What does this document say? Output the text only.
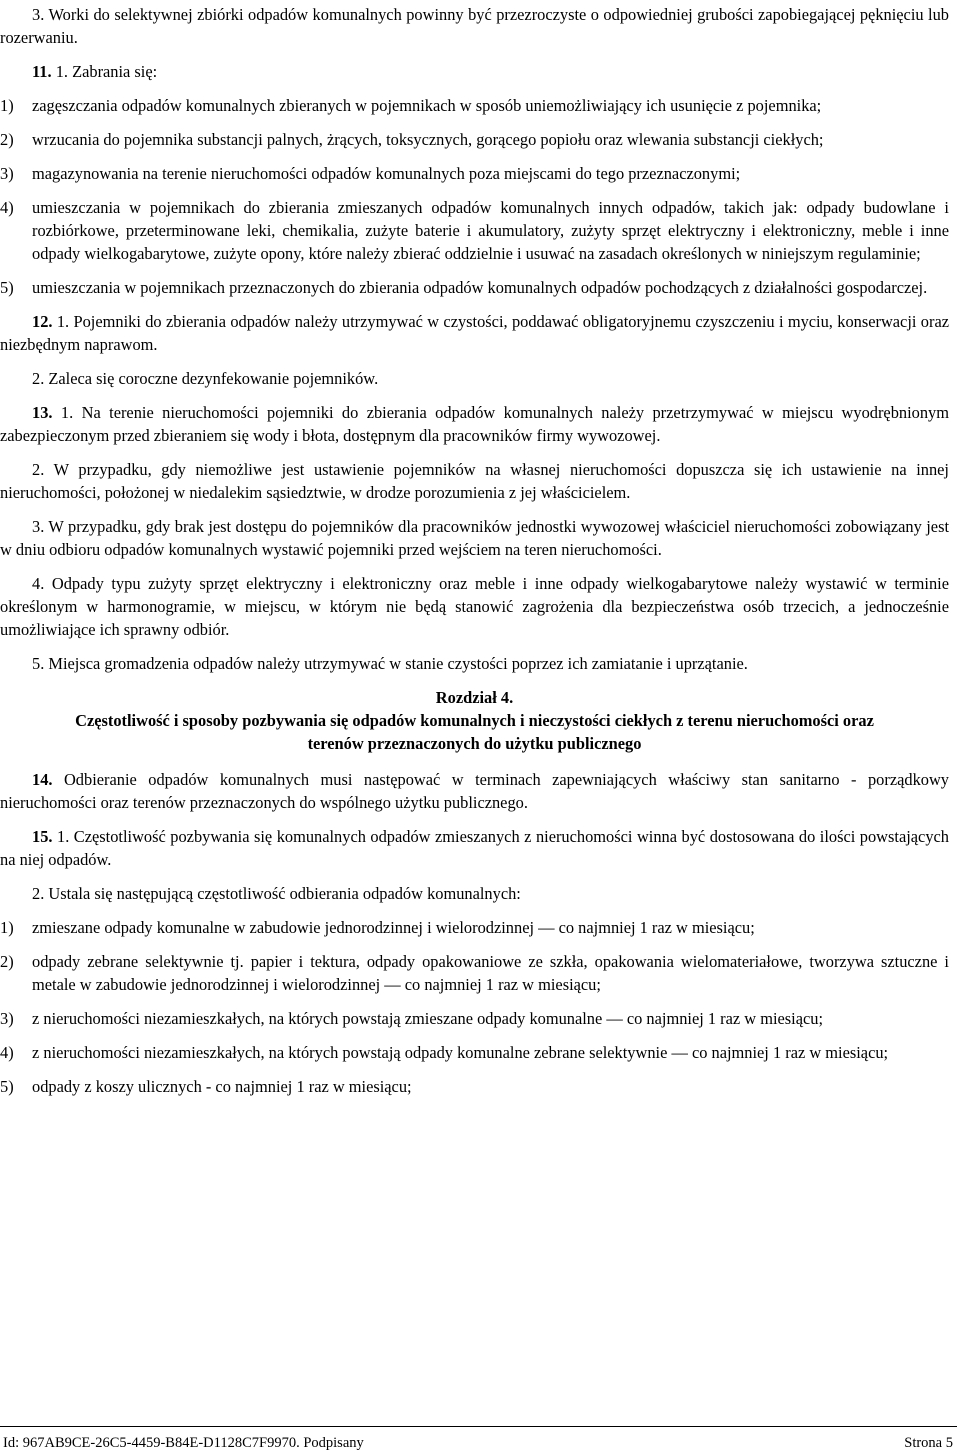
3. Worki do selektywnej zbiórki odpadów komunalnych powinny być przezroczyste o odpowiedniej grubości zapobiegającej pęknięciu lub rozerwaniu.

11. 1. Zabrania się:

1) zagęszczania odpadów komunalnych zbieranych w pojemnikach w sposób uniemożliwiający ich usunięcie z pojemnika;

2) wrzucania do pojemnika substancji palnych, żrących, toksycznych, gorącego popiołu oraz wlewania substancji ciekłych;

3) magazynowania na terenie nieruchomości odpadów komunalnych poza miejscami do tego przeznaczonymi;

4) umieszczania w pojemnikach do zbierania zmieszanych odpadów komunalnych innych odpadów, takich jak: odpady budowlane i rozbiórkowe, przeterminowane leki, chemikalia, zużyte baterie i akumulatory, zużyty sprzęt elektryczny i elektroniczny, meble i inne odpady wielkogabarytowe, zużyte opony, które należy zbierać oddzielnie i usuwać na zasadach określonych w niniejszym regulaminie;

5) umieszczania w pojemnikach przeznaczonych do zbierania odpadów komunalnych odpadów pochodzących z działalności gospodarczej.

12. 1. Pojemniki do zbierania odpadów należy utrzymywać w czystości, poddawać obligatoryjnemu czyszczeniu i myciu, konserwacji oraz niezbędnym naprawom.

2. Zaleca się coroczne dezynfekowanie pojemników.

13. 1. Na terenie nieruchomości pojemniki do zbierania odpadów komunalnych należy przetrzymywać w miejscu wyodrębnionym zabezpieczonym przed zbieraniem się wody i błota, dostępnym dla pracowników firmy wywozowej.

2. W przypadku, gdy niemożliwe jest ustawienie pojemników na własnej nieruchomości dopuszcza się ich ustawienie na innej nieruchomości, położonej w niedalekim sąsiedztwie, w drodze porozumienia z jej właścicielem.

3. W przypadku, gdy brak jest dostępu do pojemników dla pracowników jednostki wywozowej właściciel nieruchomości zobowiązany jest w dniu odbioru odpadów komunalnych wystawić pojemniki przed wejściem na teren nieruchomości.

4. Odpady typu zużyty sprzęt elektryczny i elektroniczny oraz meble i inne odpady wielkogabarytowe należy wystawić w terminie określonym w harmonogramie, w miejscu, w którym nie będą stanowić zagrożenia dla bezpieczeństwa osób trzecich, a jednocześnie umożliwiające ich sprawny odbiór.

5. Miejsca gromadzenia odpadów należy utrzymywać w stanie czystości poprzez ich zamiatanie i uprzątanie.

Rozdział 4.

Częstotliwość i sposoby pozbywania się odpadów komunalnych i nieczystości ciekłych z terenu nieruchomości oraz terenów przeznaczonych do użytku publicznego

14. Odbieranie odpadów komunalnych musi następować w terminach zapewniających właściwy stan sanitarno - porządkowy nieruchomości oraz terenów przeznaczonych do wspólnego użytku publicznego.

15. 1. Częstotliwość pozbywania się komunalnych odpadów zmieszanych z nieruchomości winna być dostosowana do ilości powstających na niej odpadów.

2. Ustala się następującą częstotliwość odbierania odpadów komunalnych:

1) zmieszane odpady komunalne w zabudowie jednorodzinnej i wielorodzinnej — co najmniej 1 raz w miesiącu;

2) odpady zebrane selektywnie tj. papier i tektura, odpady opakowaniowe ze szkła, opakowania wielomateriałowe, tworzywa sztuczne i metale w zabudowie jednorodzinnej i wielorodzinnej — co najmniej 1 raz w miesiącu;

3) z nieruchomości niezamieszkałych, na których powstają zmieszane odpady komunalne — co najmniej 1 raz w miesiącu;

4) z nieruchomości niezamieszkałych, na których powstają odpady komunalne zebrane selektywnie — co najmniej 1 raz w miesiącu;

5) odpady z koszy ulicznych - co najmniej 1 raz w miesiącu;

Id: 967AB9CE-26C5-4459-B84E-D1128C7F9970. Podpisany	Strona 5
